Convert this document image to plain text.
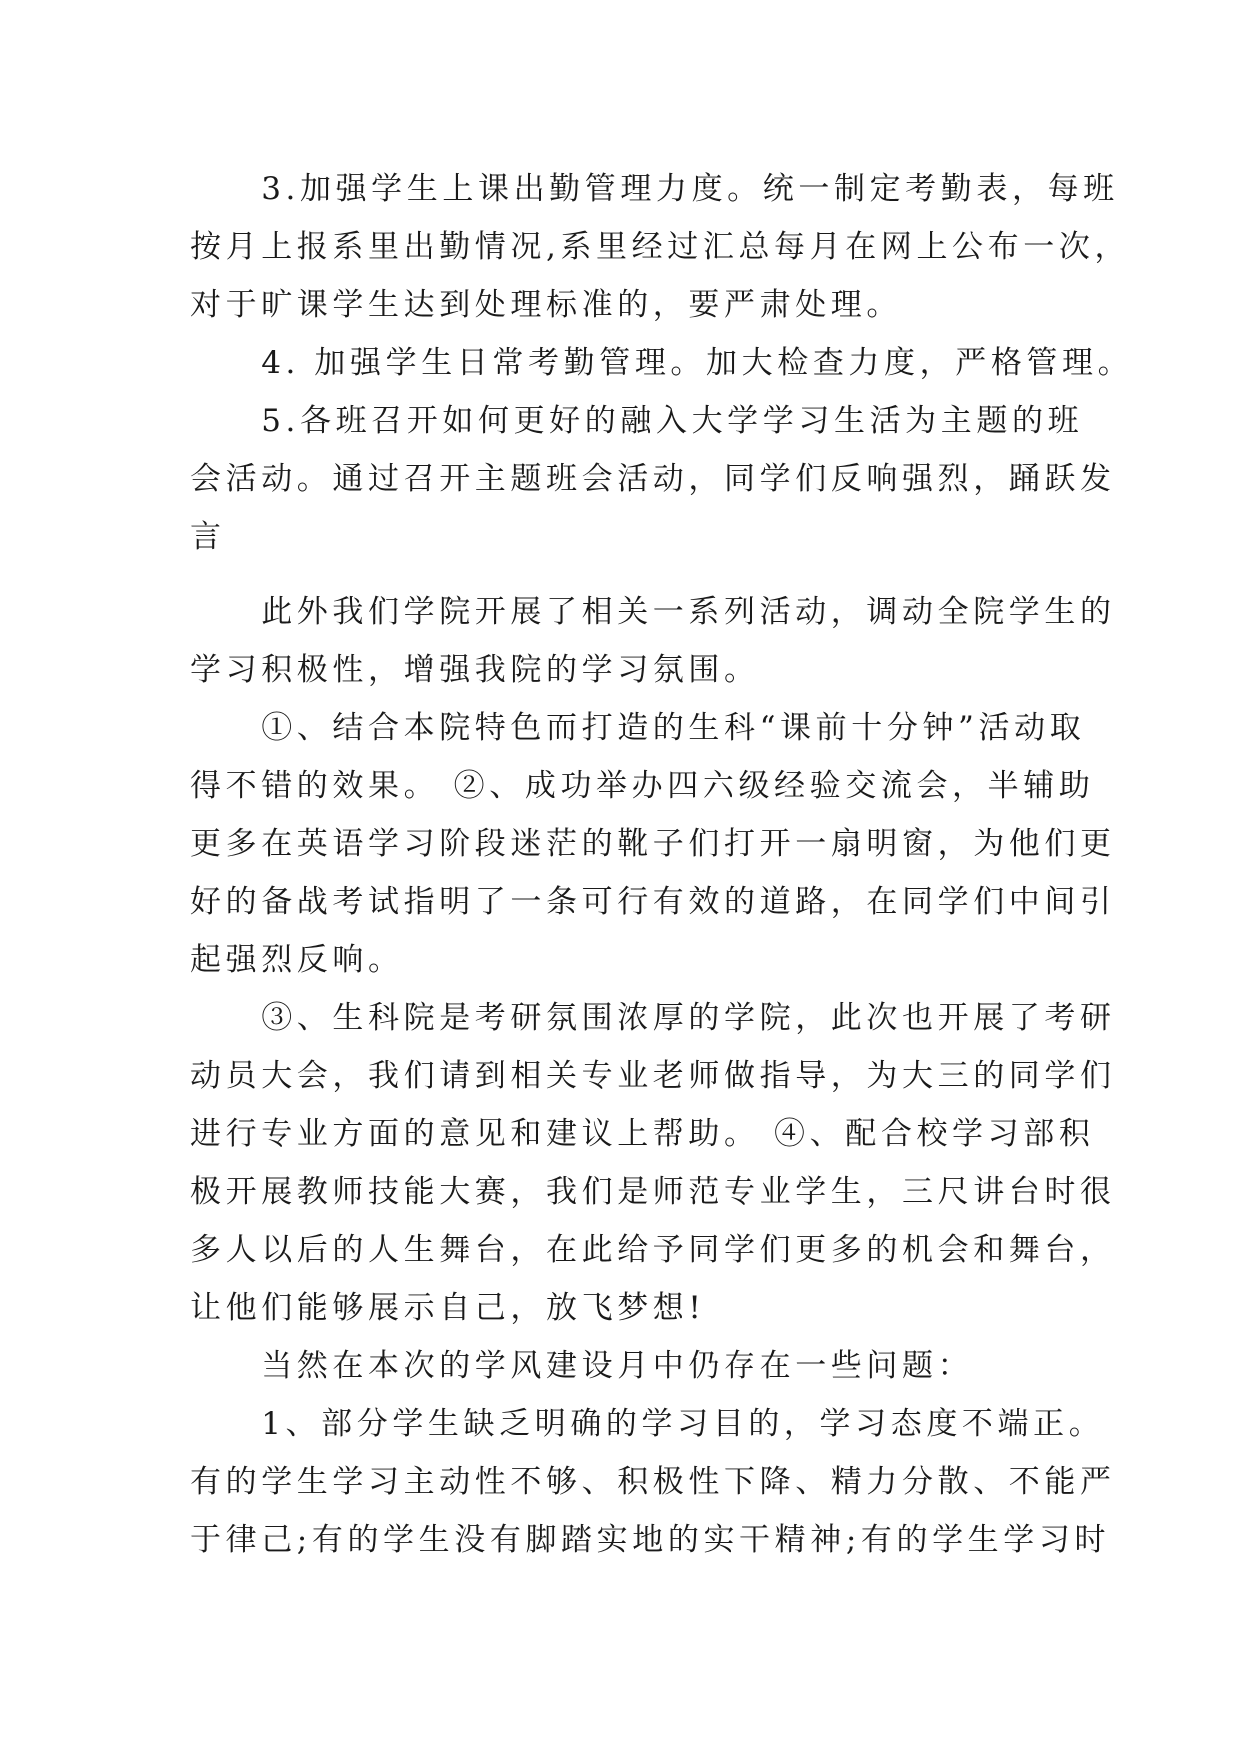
　　3.加强学生上课出勤管理力度。统一制定考勤表，每班
按月上报系里出勤情况,系里经过汇总每月在网上公布一次，
对于旷课学生达到处理标准的，要严肃处理。
　　4. 加强学生日常考勤管理。加大检查力度，严格管理。
　　5.各班召开如何更好的融入大学学习生活为主题的班
会活动。通过召开主题班会活动，同学们反响强烈，踊跃发
言
　　此外我们学院开展了相关一系列活动，调动全院学生的
学习积极性，增强我院的学习氛围。
　　①、结合本院特色而打造的生科“课前十分钟”活动取
得不错的效果。 ②、成功举办四六级经验交流会，半辅助
更多在英语学习阶段迷茫的靴子们打开一扇明窗，为他们更
好的备战考试指明了一条可行有效的道路，在同学们中间引
起强烈反响。
　　③、生科院是考研氛围浓厚的学院，此次也开展了考研
动员大会，我们请到相关专业老师做指导，为大三的同学们
进行专业方面的意见和建议上帮助。 ④、配合校学习部积
极开展教师技能大赛，我们是师范专业学生，三尺讲台时很
多人以后的人生舞台，在此给予同学们更多的机会和舞台，
让他们能够展示自己，放飞梦想!
　　当然在本次的学风建设月中仍存在一些问题：
　　1、部分学生缺乏明确的学习目的，学习态度不端正。
有的学生学习主动性不够、积极性下降、精力分散、不能严
于律己;有的学生没有脚踏实地的实干精神;有的学生学习时
